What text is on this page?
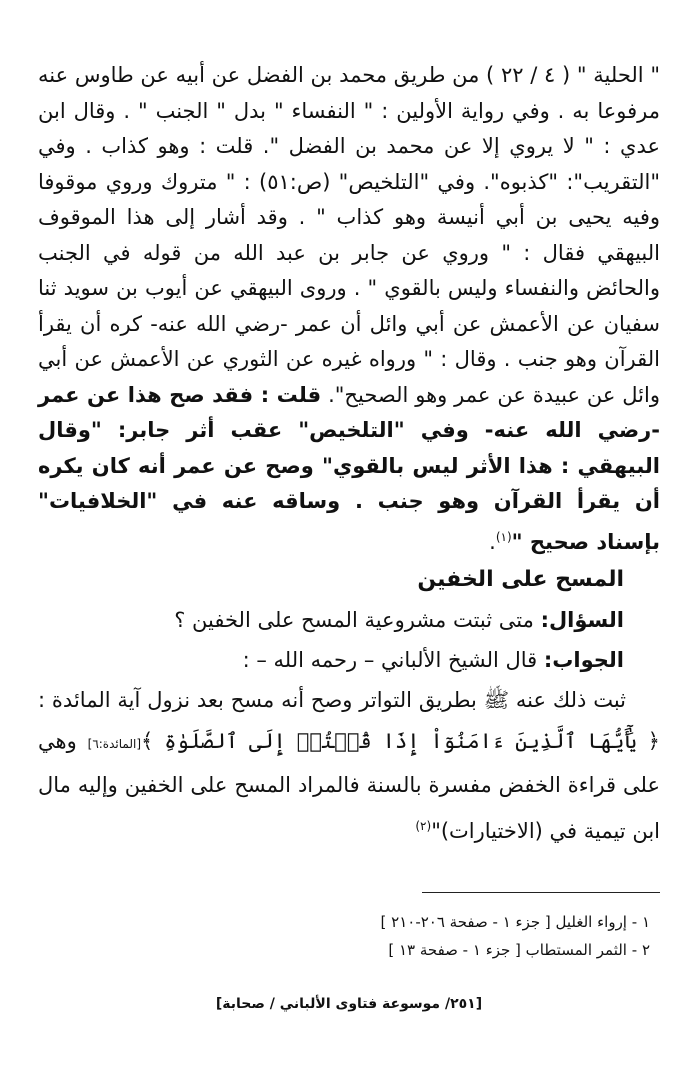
" الحلية " ( ٤ / ٢٢ ) من طريق محمد بن الفضل عن أبيه عن طاوس عنه مرفوعا به . وفي رواية الأولين : " النفساء " بدل " الجنب " . وقال ابن عدي : " لا يروي إلا عن محمد بن الفضل ". قلت : وهو كذاب . وفي "التقريب": "كذبوه". وفي "التلخيص" (ص:٥١) : " متروك وروي موقوفا وفيه يحيى بن أبي أنيسة وهو كذاب " . وقد أشار إلى هذا الموقوف البيهقي فقال : " وروي عن جابر بن عبد الله من قوله في الجنب والحائض والنفساء وليس بالقوي " . وروى البيهقي عن أيوب بن سويد ثنا سفيان عن الأعمش عن أبي وائل أن عمر -رضي الله عنه- كره أن يقرأ القرآن وهو جنب . وقال : " ورواه غيره عن الثوري عن الأعمش عن أبي وائل عن عبيدة عن عمر وهو الصحيح". قلت : فقد صح هذا عن عمر -رضي الله عنه- وفي "التلخيص" عقب أثر جابر: "وقال البيهقي : هذا الأثر ليس بالقوي" وصح عن عمر أنه كان يكره أن يقرأ القرآن وهو جنب . وساقه عنه في "الخلافيات" بإسناد صحيح "$^{(١)}$.

المسح على الخفين

السؤال: متى ثبتت مشروعية المسح على الخفين ؟

الجواب: قال الشيخ الألباني – رحمه الله – :

ثبت ذلك عنه ﷺ بطريق التواتر وصح أنه مسح بعد نزول آية المائدة : ﴿ يَٰٓأَيُّهَا ٱلَّذِينَ ءَامَنُوٓاْ إِذَا قُمۡتُمۡ إِلَى ٱلصَّلَوٰةِ ﴾[المائدة:٦] وهي على قراءة الخفض مفسرة بالسنة فالمراد المسح على الخفين وإليه مال ابن تيمية في (الاختيارات)"$^{(٢)}$

١ - إرواء الغليل [ جزء ١ - صفحة ٢٠٦-٢١٠ ]
٢ - الثمر المستطاب [ جزء ١ - صفحة ١٣ ]
[٢٥١/ موسوعة فتاوى الألباني / صحابة]
